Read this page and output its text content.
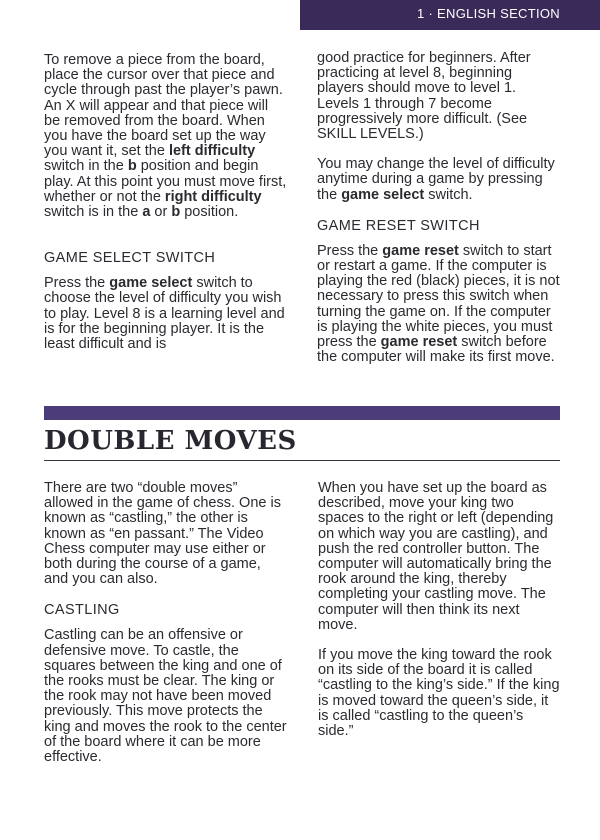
1 · ENGLISH SECTION

To remove a piece from the board, place the cursor over that piece and cycle through past the player’s pawn. An X will appear and that piece will be removed from the board. When you have the board set up the way you want it, set the left difficulty switch in the b position and begin play. At this point you must move first, whether or not the right difficulty switch is in the a or b position.

GAME SELECT SWITCH

Press the game select switch to choose the level of difficulty you wish to play. Level 8 is a learning level and is for the beginning player. It is the least difficult and is

good practice for beginners. After practicing at level 8, beginning players should move to level 1. Levels 1 through 7 become progressively more difficult. (See SKILL LEVELS.)

You may change the level of difficulty anytime during a game by pressing the game select switch.

GAME RESET SWITCH

Press the game reset switch to start or restart a game. If the computer is playing the red (black) pieces, it is not necessary to press this switch when turning the game on. If the computer is playing the white pieces, you must press the game reset switch before the computer will make its first move.

DOUBLE MOVES

There are two “double moves” allowed in the game of chess. One is known as “castling,” the other is known as “en passant.” The Video Chess computer may use either or both during the course of a game, and you can also.

CASTLING

Castling can be an offensive or defensive move. To castle, the squares between the king and one of the rooks must be clear. The king or the rook may not have been moved previously. This move protects the king and moves the rook to the center of the board where it can be more effective.

When you have set up the board as described, move your king two spaces to the right or left (depending on which way you are castling), and push the red controller button. The computer will automatically bring the rook around the king, thereby completing your castling move. The computer will then think its next move.

If you move the king toward the rook on its side of the board it is called “castling to the king’s side.” If the king is moved toward the queen’s side, it is called “castling to the queen’s side.”
